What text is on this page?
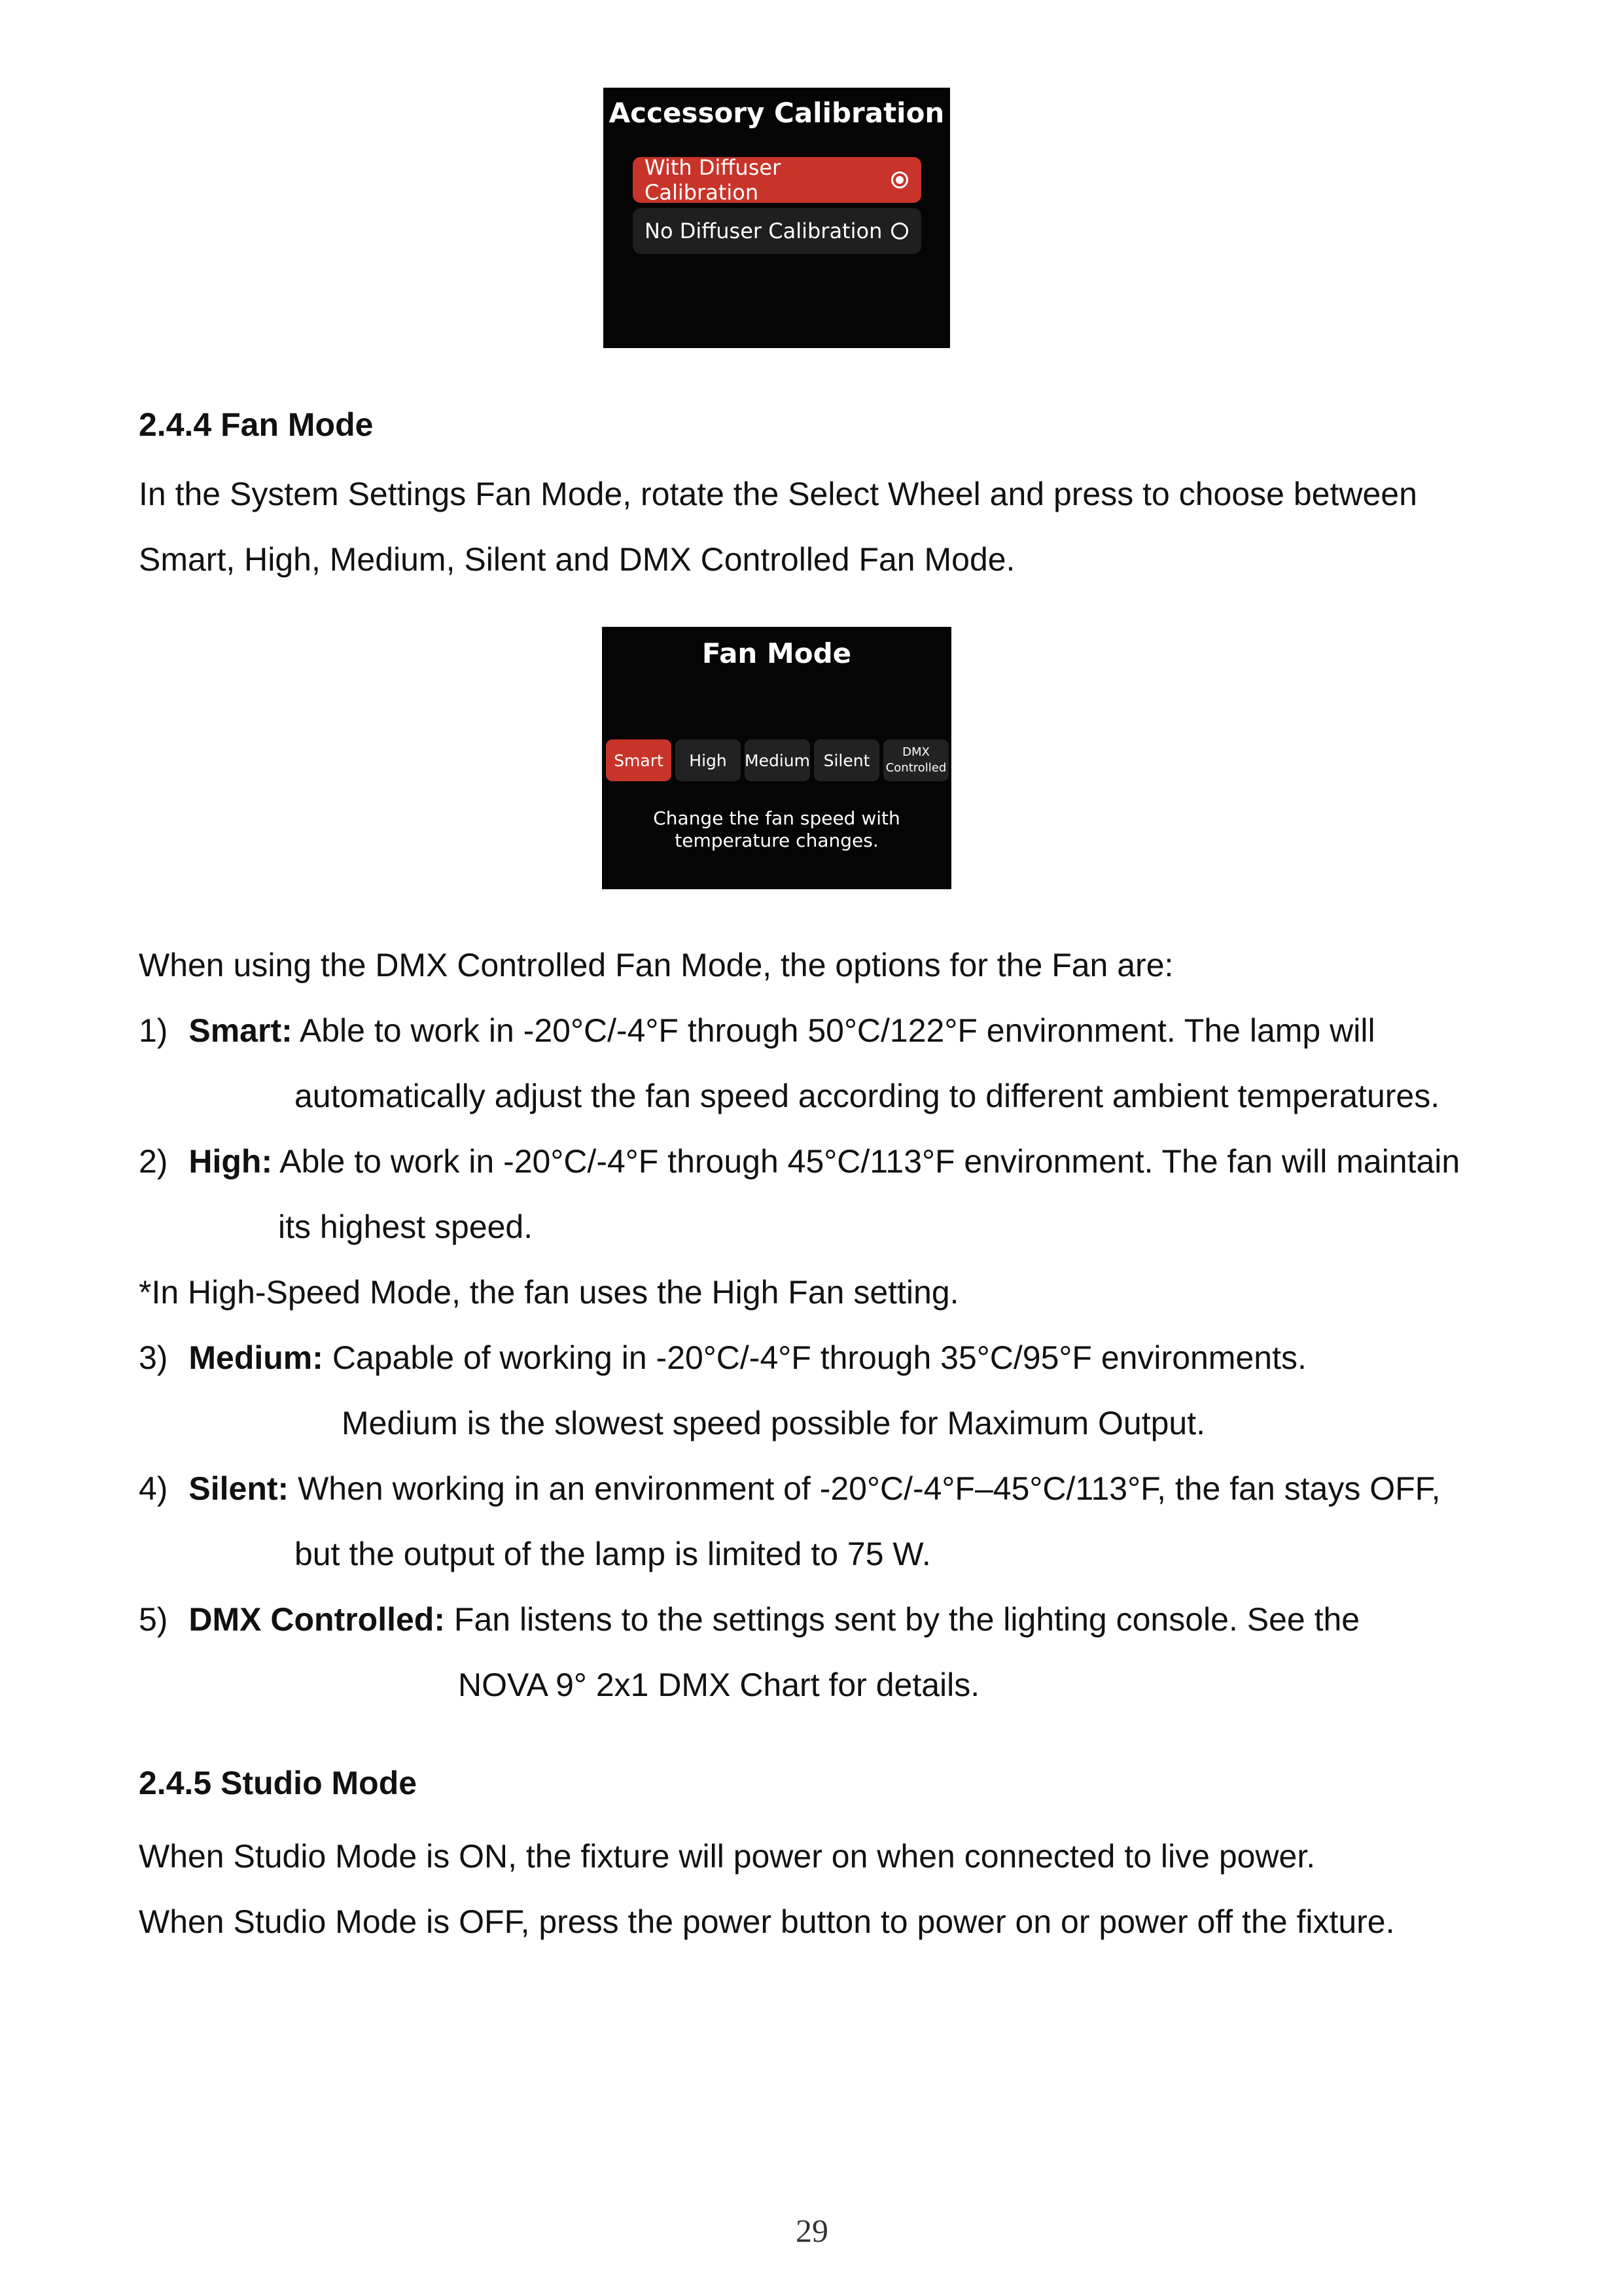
Accessory Calibration
With Diffuser Calibration
No Diffuser Calibration
2.4.4 Fan Mode
In the System Settings Fan Mode, rotate the Select Wheel and press to choose between
Smart, High, Medium, Silent and DMX Controlled Fan Mode.
Fan Mode
Smart	High	Medium Silent	DMX
Controlled
Change the fan speed with
temperature changes.
When using the DMX Controlled Fan Mode, the options for the Fan are:
1) Smart: Able to work in -20°C/-4°F through 50°C/122°F environment. The lamp will
automatically adjust the fan speed according to different ambient temperatures.
2) High: Able to work in -20°C/-4°F through 45°C/113°F environment. The fan will maintain
its highest speed.
*In High-Speed Mode, the fan uses the High Fan setting.
3) Medium: Capable of working in -20°C/-4°F through 35°C/95°F environments.
Medium is the slowest speed possible for Maximum Output.
4) Silent: When working in an environment of -20°C/-4°F–45°C/113°F, the fan stays OFF,
but the output of the lamp is limited to 75 W.
5) DMX Controlled: Fan listens to the settings sent by the lighting console. See the
NOVA 9° 2x1 DMX Chart for details.
2.4.5 Studio Mode
When Studio Mode is ON, the fixture will power on when connected to live power.
When Studio Mode is OFF, press the power button to power on or power off the fixture.
29
